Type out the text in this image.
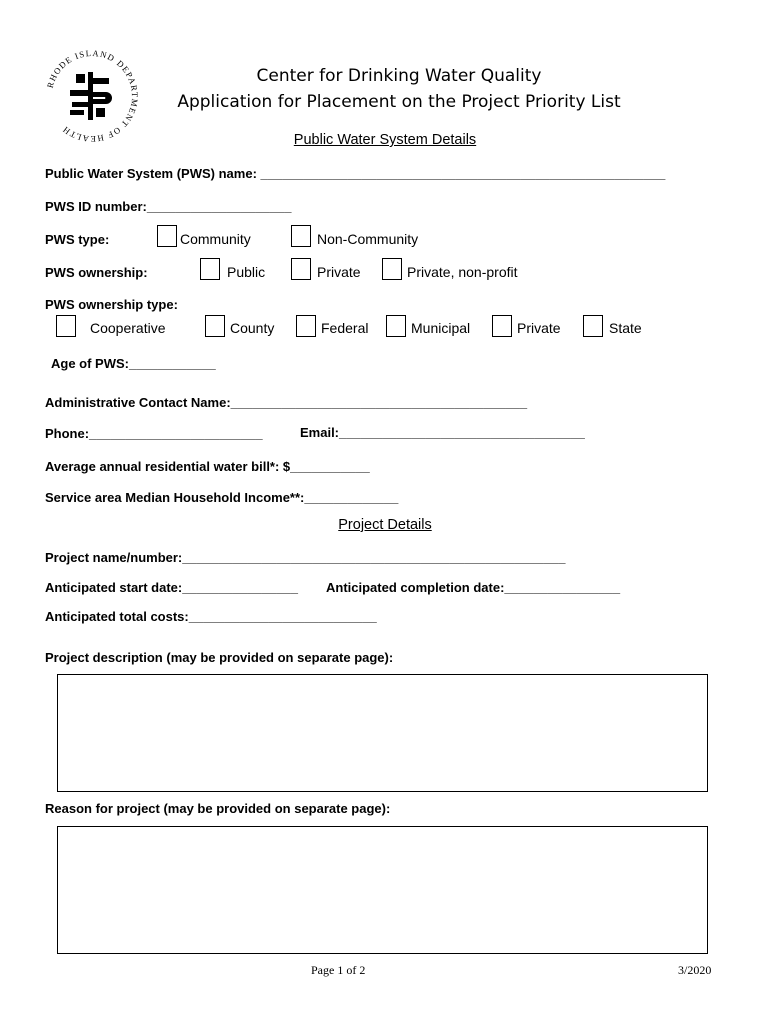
RHODE ISLAND DEPARTMENT OF HEALTH
Center for Drinking Water Quality
Application for Placement on the Project Priority List
Public Water System Details
Public Water System (PWS) name: ________________________________________________________
PWS ID number:____________________
PWS type:	Community	Non-Community
PWS ownership:	Public	Private	Private, non-profit
PWS ownership type:
Cooperative	County	Federal	Municipal	Private	State
Age of PWS:____________
Administrative Contact Name:_________________________________________
Phone:________________________	Email:__________________________________
Average annual residential water bill*: $___________
Service area Median Household Income**:_____________
Project Details
Project name/number:_____________________________________________________
Anticipated start date:________________ Anticipated completion date:________________
Anticipated total costs:__________________________
Project description (may be provided on separate page):
Reason for project (may be provided on separate page):
Page 1 of 2	3/2020
